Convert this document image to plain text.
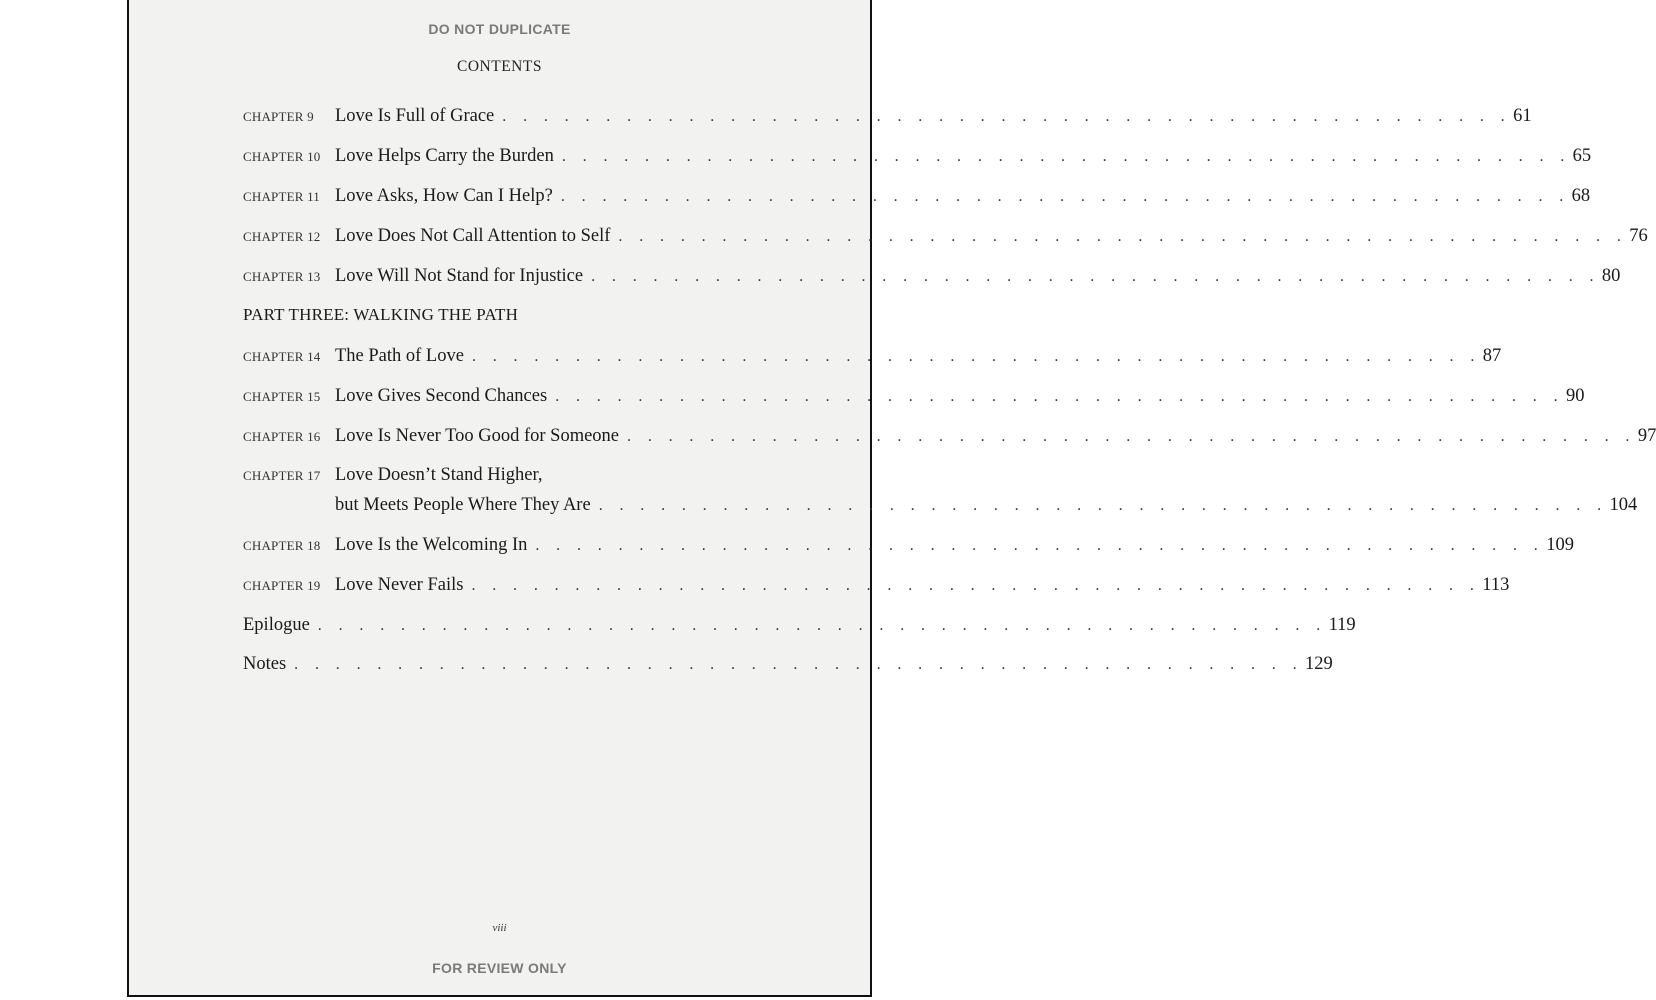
DO NOT DUPLICATE
CONTENTS
CHAPTER 9	Love Is Full of Grace . . . . . . . . . . . . . . . . . . . . . . . . . . . . . . . . . . . . . . . . . . . . . . . . . 61
CHAPTER 10 Love Helps Carry the Burden . . . . . . . . . . . . . . . . . . . . . . . . . . . . . . . . . . . . . . . . . . . . . . . . . 65
CHAPTER 11 Love Asks, How Can I Help? . . . . . . . . . . . . . . . . . . . . . . . . . . . . . . . . . . . . . . . . . . . . . . . . . 68
CHAPTER 12 Love Does Not Call Attention to Self . . . . . . . . . . . . . . . . . . . . . . . . . . . . . . . . . . . . . . . . . . . . . . . . . 76
CHAPTER 13 Love Will Not Stand for Injustice . . . . . . . . . . . . . . . . . . . . . . . . . . . . . . . . . . . . . . . . . . . . . . . . . 80
PART THREE: WALKING THE PATH
CHAPTER 14 The Path of Love . . . . . . . . . . . . . . . . . . . . . . . . . . . . . . . . . . . . . . . . . . . . . . . . . 87
CHAPTER 15 Love Gives Second Chances . . . . . . . . . . . . . . . . . . . . . . . . . . . . . . . . . . . . . . . . . . . . . . . . . 90
CHAPTER 16 Love Is Never Too Good for Someone . . . . . . . . . . . . . . . . . . . . . . . . . . . . . . . . . . . . . . . . . . . . . . . . . 97
CHAPTER 17 Love Doesn’t Stand Higher,
but Meets People Where They Are . . . . . . . . . . . . . . . . . . . . . . . . . . . . . . . . . . . . . . . . . . . . . . . . . 104
CHAPTER 18 Love Is the Welcoming In . . . . . . . . . . . . . . . . . . . . . . . . . . . . . . . . . . . . . . . . . . . . . . . . . 109
CHAPTER 19 Love Never Fails . . . . . . . . . . . . . . . . . . . . . . . . . . . . . . . . . . . . . . . . . . . . . . . . . 113
Epilogue . . . . . . . . . . . . . . . . . . . . . . . . . . . . . . . . . . . . . . . . . . . . . . . . . 119
Notes . . . . . . . . . . . . . . . . . . . . . . . . . . . . . . . . . . . . . . . . . . . . . . . . . 129
viii
FOR REVIEW ONLY
